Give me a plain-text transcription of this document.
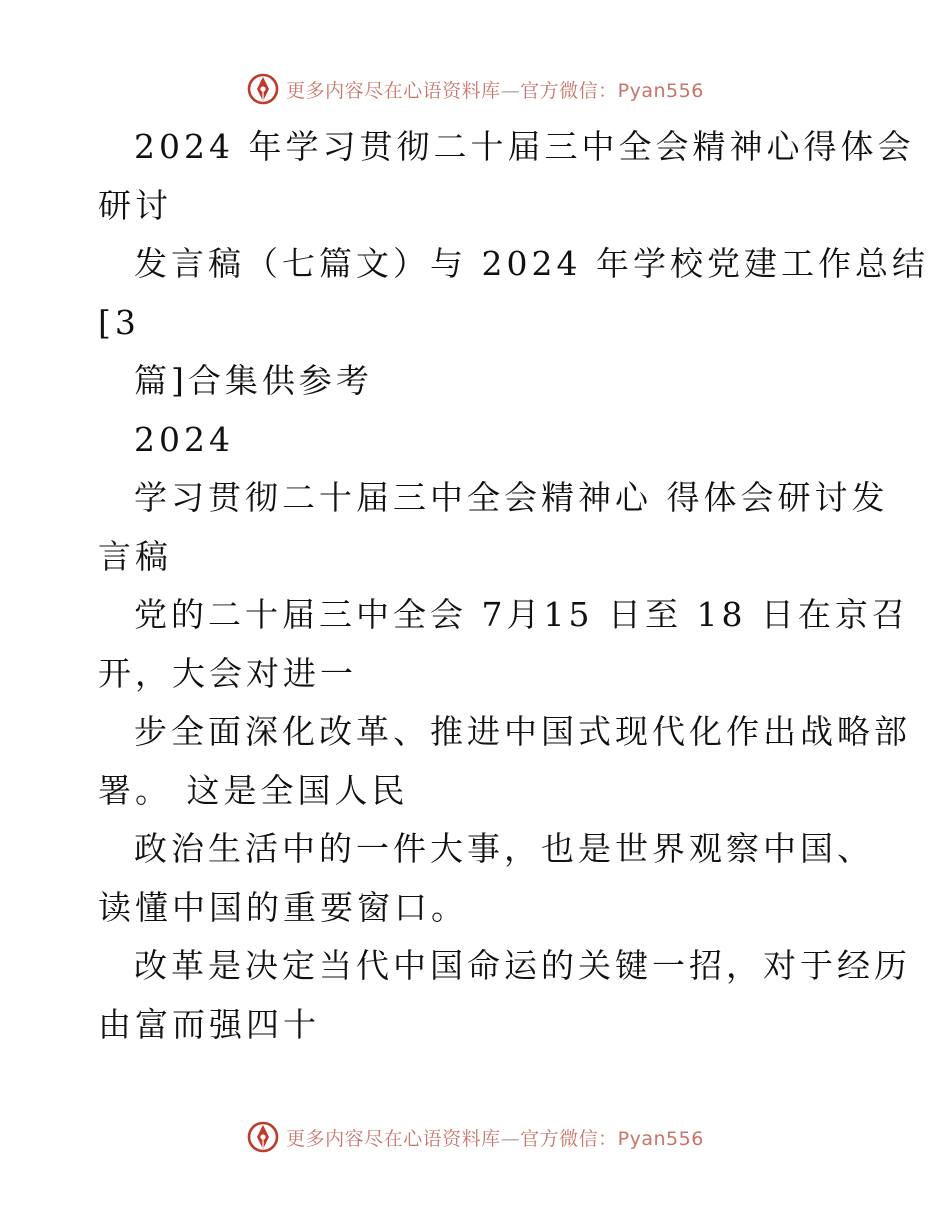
更多内容尽在心语资料库—官方微信：Pyan556
2024 年学习贯彻二十届三中全会精神心得体会
研讨
发言稿（七篇文）与 2024 年学校党建工作总结
[3
篇]合集供参考
2024
学习贯彻二十届三中全会精神心 得体会研讨发
言稿
党的二十届三中全会 7月15 日至 18 日在京召
开，大会对进一
步全面深化改革、推进中国式现代化作出战略部
署。 这是全国人民
政治生活中的一件大事，也是世界观察中国、
读懂中国的重要窗口。
改革是决定当代中国命运的关键一招，对于经历
由富而强四十
更多内容尽在心语资料库—官方微信：Pyan556
